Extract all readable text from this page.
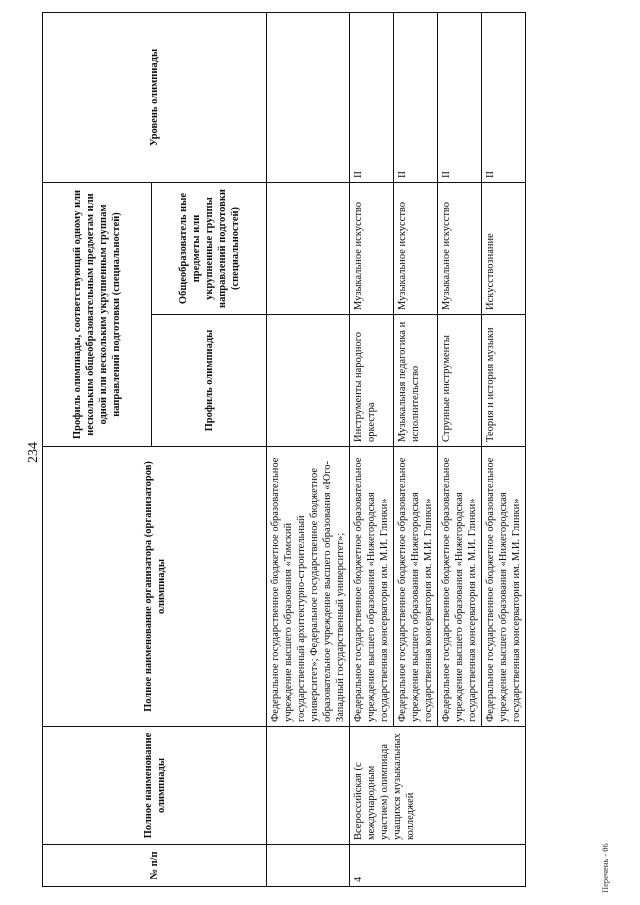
234
№ п/п	Полное наименование олимпиады	Полное наименование организатора (организаторов) олимпиады	Профиль олимпиады, соответствующий одному или нескольким общеобразовательным предметам или одной или нескольким укрупненным группам направлений подготовки (специальностей)		Уровень олимпиады
			Профиль олимпиады	Общеобразователь ные предметы или укрупненные группы направлений подготовки (специальностей)	
		Федеральное государственное бюджетное образовательное учреждение высшего образования «Томский государственный архитектурно-строительный университет»; Федеральное государственное бюджетное образовательное учреждение высшего образования «Юго-Западный государственный университет»;			
4	Всероссийская (с международным участием) олимпиада учащихся музыкальных колледжей	Федеральное государственное бюджетное образовательное учреждение высшего образования «Нижегородская государственная консерватория им. М.И. Глинки»	Инструменты народного оркестра	Музыкальное искусство	II
		Федеральное государственное бюджетное образовательное учреждение высшего образования «Нижегородская государственная консерватория им. М.И. Глинки»	Музыкальная педагогика и исполнительство	Музыкальное искусство	II
		Федеральное государственное бюджетное образовательное учреждение высшего образования «Нижегородская государственная консерватория им. М.И. Глинки»	Струнные инструменты	Музыкальное искусство	II
		Федеральное государственное бюджетное образовательное учреждение высшего образования «Нижегородская государственная консерватория им. М.И. Глинки»	Теория и история музыки	Искусствознание	II
Перечень - 06
